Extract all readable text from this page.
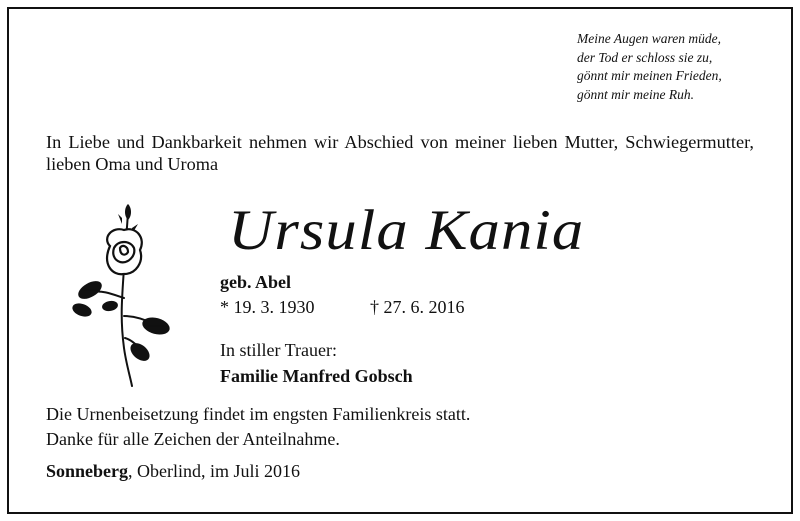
Meine Augen waren müde,
der Tod er schloss sie zu,
gönnt mir meinen Frieden,
gönnt mir meine Ruh.
In Liebe und Dankbarkeit nehmen wir Abschied von meiner lieben Mutter, Schwiegermutter, lieben Oma und Uroma
Ursula Kania
geb. Abel
* 19. 3. 1930	† 27. 6. 2016
In stiller Trauer:
Familie Manfred Gobsch
Die Urnenbeisetzung findet im engsten Familienkreis statt.
Danke für alle Zeichen der Anteilnahme.
Sonneberg, Oberlind, im Juli 2016
